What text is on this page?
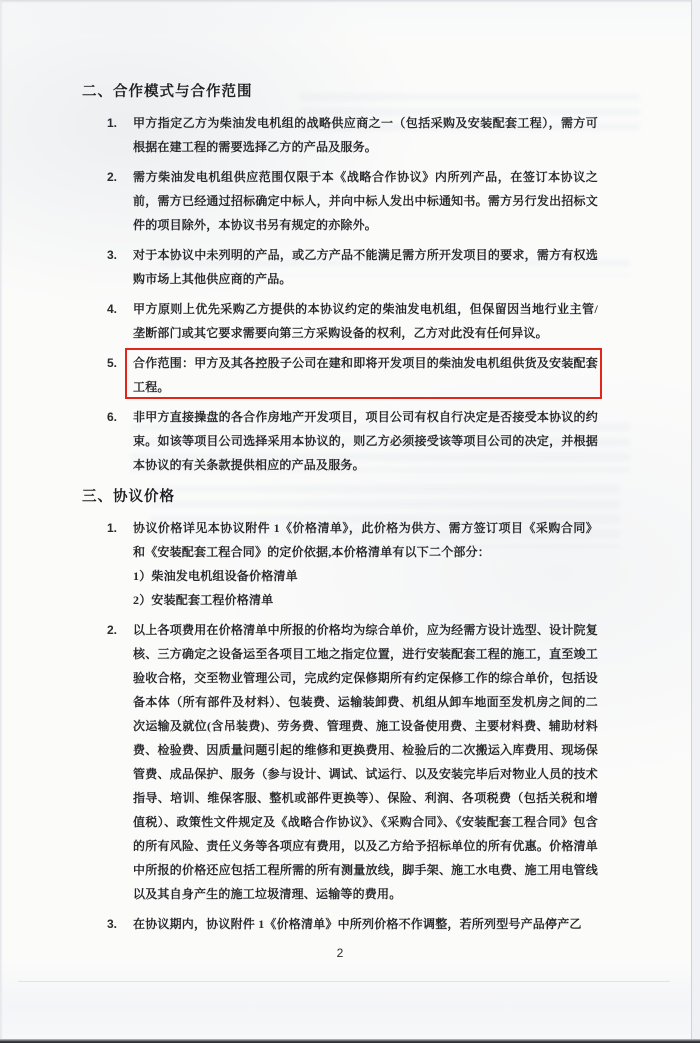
二、合作模式与合作范围
1.	甲方指定乙方为柴油发电机组的战略供应商之一（包括采购及安装配套工程），需方可根据在建工程的需要选择乙方的产品及服务。
2.	需方柴油发电机组供应范围仅限于本《战略合作协议》内所列产品，在签订本协议之前，需方已经通过招标确定中标人，并向中标人发出中标通知书。需方另行发出招标文件的项目除外，本协议书另有规定的亦除外。
3.	对于本协议中未列明的产品，或乙方产品不能满足需方所开发项目的要求，需方有权选购市场上其他供应商的产品。
4.	甲方原则上优先采购乙方提供的本协议约定的柴油发电机组，但保留因当地行业主管/垄断部门或其它要求需要向第三方采购设备的权利，乙方对此没有任何异议。
5.	合作范围：甲方及其各控股子公司在建和即将开发项目的柴油发电机组供货及安装配套工程。
6.	非甲方直接操盘的各合作房地产开发项目，项目公司有权自行决定是否接受本协议的约束。如该等项目公司选择采用本协议的，则乙方必须接受该等项目公司的决定，并根据本协议的有关条款提供相应的产品及服务。
三、协议价格
1.	协议价格详见本协议附件 1《价格清单》，此价格为供方、需方签订项目《采购合同》和《安装配套工程合同》的定价依据,本价格清单有以下二个部分：
1）柴油发电机组设备价格清单
2）安装配套工程价格清单
2.	以上各项费用在价格清单中所报的价格均为综合单价，应为经需方设计选型、设计院复核、三方确定之设备运至各项目工地之指定位置，进行安装配套工程的施工，直至竣工验收合格，交至物业管理公司，完成约定保修期所有约定保修工作的综合单价，包括设备本体（所有部件及材料）、包装费、运输装卸费、机组从卸车地面至发机房之间的二次运输及就位(含吊装费)、劳务费、管理费、施工设备使用费、主要材料费、辅助材料费、检验费、因质量问题引起的维修和更换费用、检验后的二次搬运入库费用、现场保管费、成品保护、服务（参与设计、调试、试运行、以及安装完毕后对物业人员的技术指导、培训、维保客服、整机或部件更换等）、保险、利润、各项税费（包括关税和增值税）、政策性文件规定及《战略合作协议》、《采购合同》、《安装配套工程合同》包含的所有风险、责任义务等各项应有费用，以及乙方给予招标单位的所有优惠。价格清单中所报的价格还应包括工程所需的所有测量放线，脚手架、施工水电费、施工用电管线以及其自身产生的施工垃圾清理、运输等的费用。
3.	在协议期内，协议附件 1《价格清单》中所列价格不作调整，若所列型号产品停产乙
2
